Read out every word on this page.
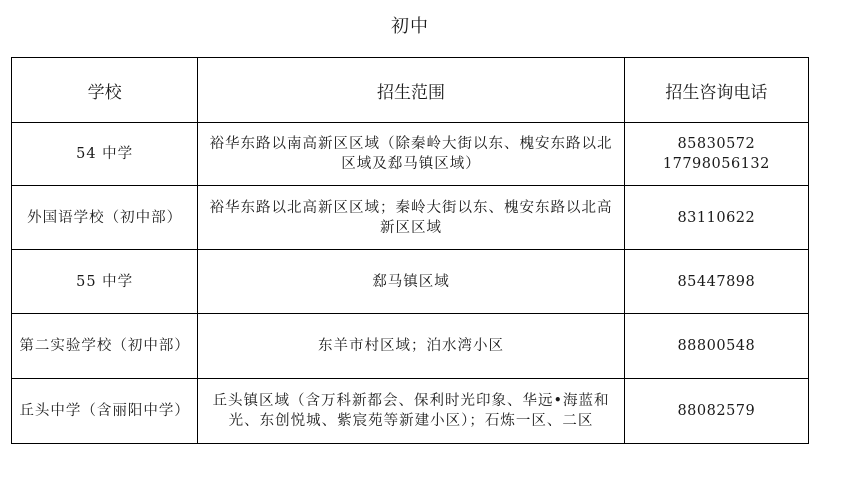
初中
学校	招生范围	招生咨询电话
54 中学	裕华东路以南高新区区域（除秦岭大街以东、槐安东路以北区域及郄马镇区域）	85830572
17798056132

外国语学校（初中部）	裕华东路以北高新区区域；秦岭大街以东、槐安东路以北高新区区域	83110622

55 中学	郄马镇区域	85447898

第二实验学校（初中部）	东羊市村区域；泊水湾小区	88800548

丘头中学（含丽阳中学）	丘头镇区域（含万科新都会、保利时光印象、华远•海蓝和光、东创悦城、紫宸苑等新建小区）；石炼一区、二区	88082579
